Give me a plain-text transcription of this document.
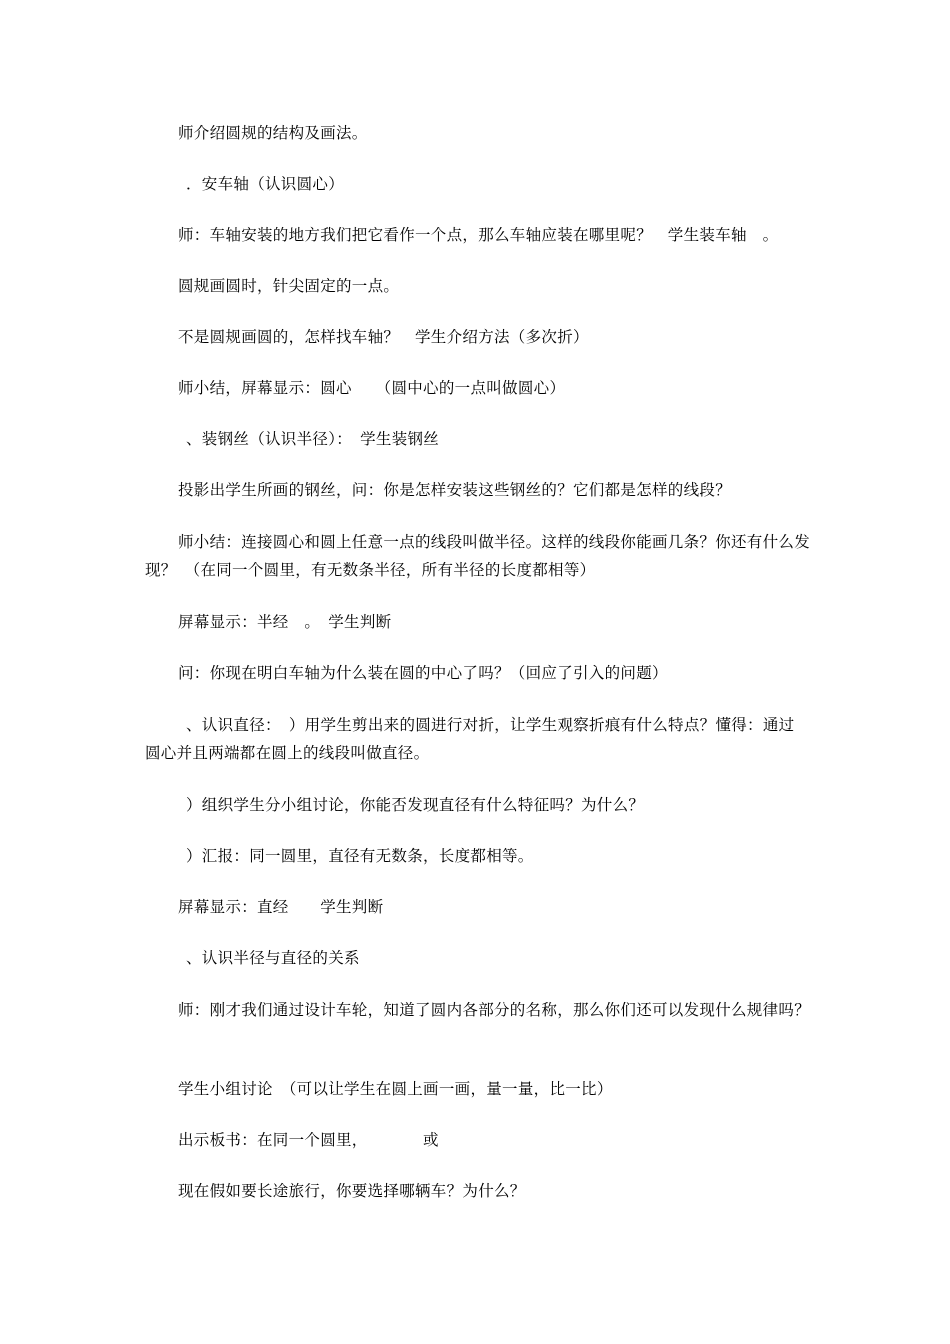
师介绍圆规的结构及画法。
．安车轴（认识圆心）
师：车轴安装的地方我们把它看作一个点，那么车轴应装在哪里呢？　学生装车轴　。
圆规画圆时，针尖固定的一点。
不是圆规画圆的，怎样找车轴？　学生介绍方法（多次折）
师小结，屏幕显示：圆心　　（圆中心的一点叫做圆心）
、装钢丝（认识半径）：　学生装钢丝
投影出学生所画的钢丝，问：你是怎样安装这些钢丝的？它们都是怎样的线段？
师小结：连接圆心和圆上任意一点的线段叫做半径。这样的线段你能画几条？你还有什么发现？　（在同一个圆里，有无数条半径，所有半径的长度都相等）
屏幕显示：半经　。　学生判断
问：你现在明白车轴为什么装在圆的中心了吗？（回应了引入的问题）
、认识直径：　）用学生剪出来的圆进行对折，让学生观察折痕有什么特点？懂得：通过圆心并且两端都在圆上的线段叫做直径。
）组织学生分小组讨论，你能否发现直径有什么特征吗？为什么？
）汇报：同一圆里，直径有无数条，长度都相等。
屏幕显示：直经　　学生判断
、认识半径与直径的关系
师：刚才我们通过设计车轮，知道了圆内各部分的名称，那么你们还可以发现什么规律吗？
学生小组讨论　（可以让学生在圆上画一画，量一量，比一比）
出示板书：在同一个圆里，　　　　或
现在假如要长途旅行，你要选择哪辆车？为什么？
